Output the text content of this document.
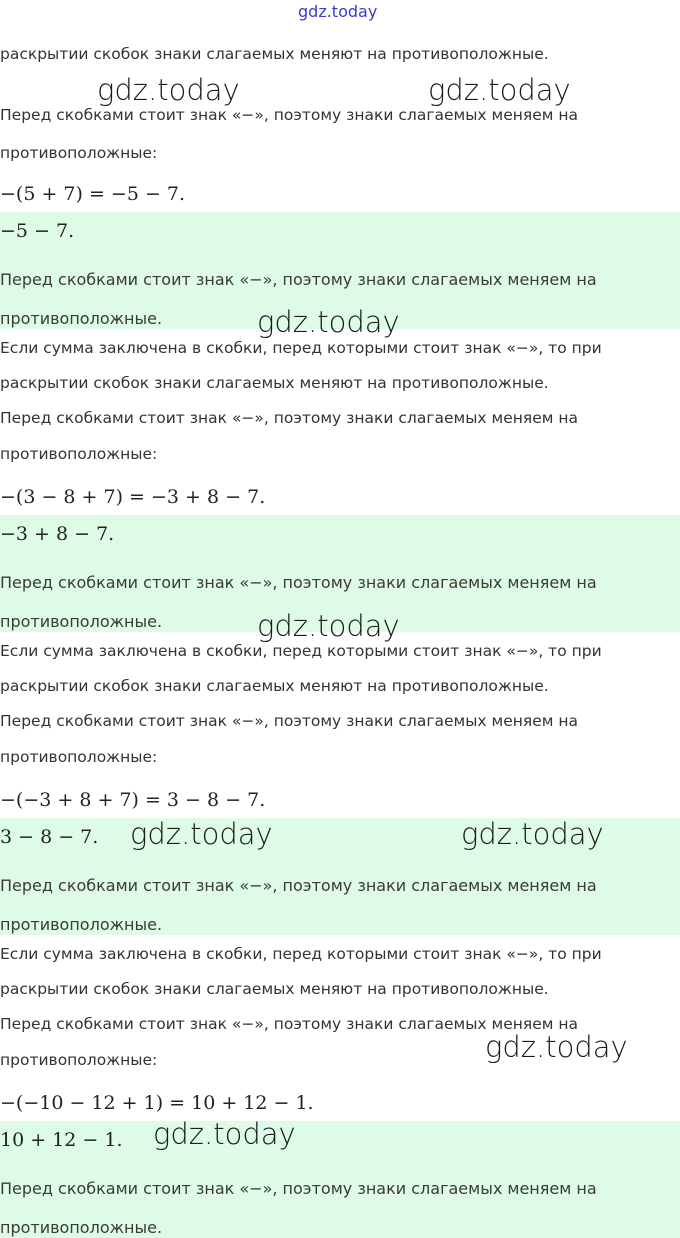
gdz.today
раскрытии скобок знаки слагаемых меняют на противоположные.
Перед скобками стоит знак «−», поэтому знаки слагаемых меняем на
противоположные:
−(5 + 7) = −5 − 7.
−5 − 7.
Перед скобками стоит знак «−», поэтому знаки слагаемых меняем на
противоположные.
Если сумма заключена в скобки, перед которыми стоит знак «−», то при
раскрытии скобок знаки слагаемых меняют на противоположные.
Перед скобками стоит знак «−», поэтому знаки слагаемых меняем на
противоположные:
−(3 − 8 + 7) = −3 + 8 − 7.
−3 + 8 − 7.
Перед скобками стоит знак «−», поэтому знаки слагаемых меняем на
противоположные.
Если сумма заключена в скобки, перед которыми стоит знак «−», то при
раскрытии скобок знаки слагаемых меняют на противоположные.
Перед скобками стоит знак «−», поэтому знаки слагаемых меняем на
противоположные:
−(−3 + 8 + 7) = 3 − 8 − 7.
3 − 8 − 7.
Перед скобками стоит знак «−», поэтому знаки слагаемых меняем на
противоположные.
Если сумма заключена в скобки, перед которыми стоит знак «−», то при
раскрытии скобок знаки слагаемых меняют на противоположные.
Перед скобками стоит знак «−», поэтому знаки слагаемых меняем на
противоположные:
−(−10 − 12 + 1) = 10 + 12 − 1.
10 + 12 − 1.
Перед скобками стоит знак «−», поэтому знаки слагаемых меняем на
противоположные.
gdz.today	gdz.today
gdz.today
gdz.today
gdz.today	gdz.today
gdz.today
gdz.today
